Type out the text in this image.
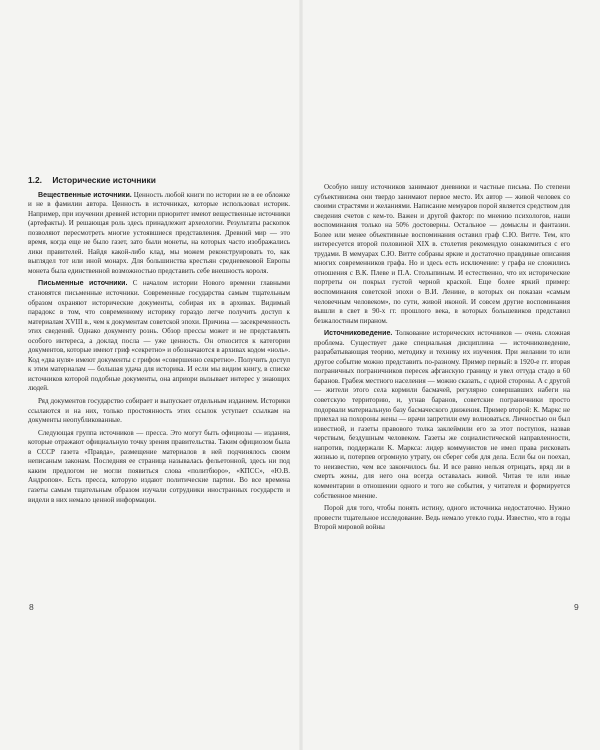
1.2. Исторические источники

Вещественные источники. Ценность любой книги по истории не в ее обложке и не в фамилии автора. Ценность в источниках, которые использовал историк. Например, при изучении древней истории приоритет имеют вещественные источники (артефакты). И решающая роль здесь принадлежит археологии. Результаты раскопок позволяют пересмотреть многие устоявшиеся представления. Древний мир — это время, когда еще не было газет, зато были монеты, на которых часто изображались лики правителей. Найдя какой-либо клад, мы можем реконструировать то, как выглядел тот или иной монарх. Для большинства крестьян средневековой Европы монета была единственной возможностью представить себе внешность короля.

Письменные источники. С началом истории Нового времени главными становятся письменные источники. Современные государства самым тщательным образом охраняют исторические документы, собирая их в архивах. Видимый парадокс в том, что современному историку гораздо легче получить доступ к материалам XVIII в., чем к документам советской эпохи. Причина — засекреченность этих сведений. Однако документу рознь. Обзор прессы может и не представлять особого интереса, а доклад посла — уже ценность. Он относится к категории документов, которые имеют гриф «секретно» и обозначаются в архивах кодом «ноль». Код «два нуля» имеют документы с грифом «совершенно секретно». Получить доступ к этим материалам — большая удача для историка. И если мы видим книгу, в списке источников которой подобные документы, она априори вызывает интерес у знающих людей.

Ряд документов государство собирает и выпускает отдельным изданием. Историки ссылаются и на них, только простоянность этих ссылок уступает ссылкам на документы неопубликованные.

Следующая группа источников — пресса. Это могут быть официозы — издания, которые отражают официальную точку зрения правительства. Таким официозом была в СССР газета «Правда», размещение материалов в ней подчинялось своим неписаным законам. Последняя ее страница называлась фельетонной, здесь ни под каким предлогом не могли появиться слова «политбюро», «КПСС», «Ю.В. Андропов». Есть пресса, которую издают политические партии. Во все времена газеты самым тщательным образом изучали сотрудники иностранных государств и видели в них немало ценной информации.

Особую нишу источников занимают дневники и частные письма. По степени субъективизма они твердо занимают первое место. Их автор — живой человек со своими страстями и желаниями. Написание мемуаров порой является средством для сведения счетов с кем-то. Важен и другой фактор: по мнению психологов, наши воспоминания только на 50% достоверны. Остальное — домыслы и фантазии. Более или менее объективные воспоминания оставил граф С.Ю. Витте. Тем, кто интересуется второй половиной XIX в. столетия рекомендую ознакомиться с его трудами. В мемуарах С.Ю. Витте собраны яркие и достаточно правдивые описания многих современников графа. Но и здесь есть исключение: у графа не сложились отношения с В.К. Плеве и П.А. Столыпиным. И естественно, что их исторические портреты он покрыл густой черной краской. Еще более яркий пример: воспоминания советской эпохи о В.И. Ленине, в которых он показан «самым человечным человеком», по сути, живой иконой. И совсем другие воспоминания вышли в свет в 90-х гг. прошлого века, в которых большевиков представил безжалостным пираном.

Источниковедение. Толкование исторических источников — очень сложная проблема. Существует даже специальная дисциплина — источниковедение, разрабатывающая теорию, методику и технику их изучения. При желании то или другое событие можно представить по-разному. Пример первый: в 1920-е гг. вторая пограничных пограничников пересек афганскую границу и увел оттуда стадо в 60 баранов. Грабеж местного населения — можно сказать, с одной стороны. А с другой — жители этого села кормили басмачей, регулярно совершавших набеги на советскую территорию, и, угнав баранов, советские пограничники просто подорвали материальную базу басмаческого движения. Пример второй: К. Маркс не приехал на похороны жены — врачи запретили ему волноваться. Личностью он был известной, и газеты правового толка заклеймили его за этот поступок, назвав черствым, бездушным человеком. Газеты же социалистической направленности, напротив, поддержали К. Маркса: лидер коммунистов не имел права рисковать жизнью и, потерпев огромную утрату, он сберег себя для дела. Если бы он поехал, то неизвестно, чем все закончилось бы. И все равно нельзя отрицать, вряд ли в смерть жены, для него она всегда оставалась живой. Читая те или иные комментарии в отношении одного и того же события, у читателя и формируется собственное мнение.

Порой для того, чтобы понять истину, одного источника недостаточно. Нужно провести тщательное исследование. Ведь немало утекло годы. Известно, что в годы Второй мировой войны

8	9
